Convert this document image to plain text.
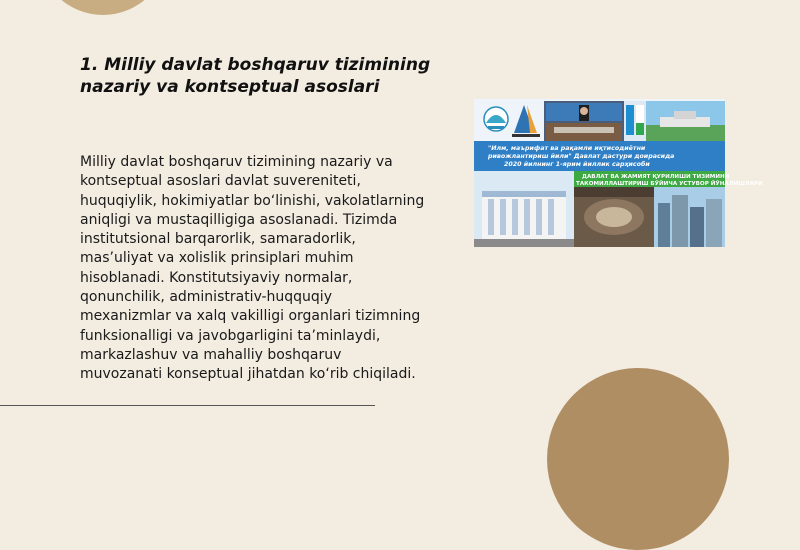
1. Milliy davlat boshqaruv tizimining nazariy va kontseptual asoslari
Milliy davlat boshqaruv tizimining nazariy va kontseptual asoslari davlat suvereniteti, huquqiylik, hokimiyatlar bo‘linishi, vakolatlarning aniqligi va mustaqilligiga asoslanadi. Tizimda institutsional barqarorlik, samaradorlik, mas’uliyat va xolislik prinsiplari muhim hisoblanadi. Konstitutsiyaviy normalar, qonunchilik, administrativ-huqquqiy mexanizmlar va xalq vakilligi organlari tizimning funksionalligi va javobgarligini ta’minlaydi, markazlashuv va mahalliy boshqaruv muvozanati konseptual jihatdan ko‘rib chiqiladi.
"Илм, маърифат ва рақамли иқтисодиётни
ривожлантириш йили" Давлат дастури доирасида
2020 йилнинг 1-ярим йиллик сарҳисоби
ДАВЛАТ ВА ЖАМИЯТ ҚУРИЛИШИ ТИЗИМИНИ
ТАКОМИЛЛАШТИРИШ БЎЙИЧА УСТУВОР ЙЎНАЛИШЛАРИ
